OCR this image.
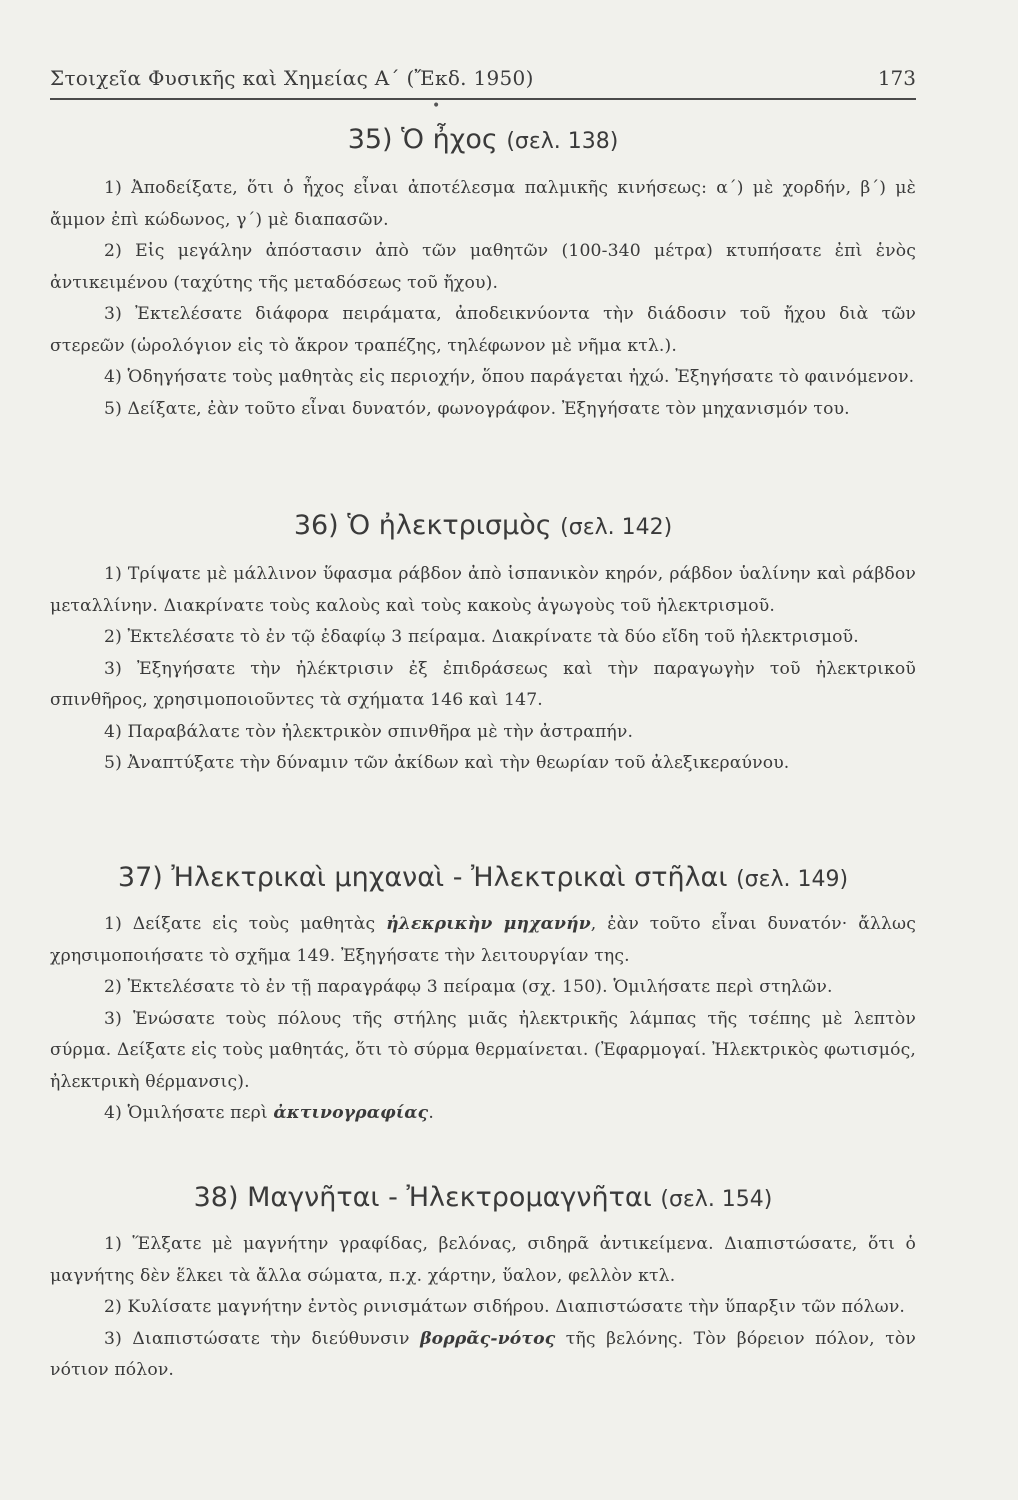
Στοιχεῖα Φυσικῆς καὶ Χημείας Α΄ (Ἔκδ. 1950)	173
•
35) Ὁ ἦχος (σελ. 138)

1) Ἀποδείξατε, ὅτι ὁ ἦχος εἶναι ἀποτέλεσμα παλμικῆς κινήσεως: α΄) μὲ χορδήν, β΄) μὲ ἄμμον ἐπὶ κώδωνος, γ΄) μὲ διαπασῶν.

2) Εἰς μεγάλην ἀπόστασιν ἀπὸ τῶν μαθητῶν (100-340 μέτρα) κτυπήσατε ἐπὶ ἑνὸς ἀντικειμένου (ταχύτης τῆς μεταδόσεως τοῦ ἤχου).

3) Ἐκτελέσατε διάφορα πειράματα, ἀποδεικνύοντα τὴν διάδοσιν τοῦ ἤχου διὰ τῶν στερεῶν (ὡρολόγιον εἰς τὸ ἄκρον τραπέζης, τηλέφωνον μὲ νῆμα κτλ.).

4) Ὁδηγήσατε τοὺς μαθητὰς εἰς περιοχήν, ὅπου παράγεται ἠχώ. Ἐξηγήσατε τὸ φαινόμενον.

5) Δείξατε, ἐὰν τοῦτο εἶναι δυνατόν, φωνογράφον. Ἐξηγήσατε τὸν μηχανισμόν του.

36) Ὁ ἠλεκτρισμὸς (σελ. 142)

1) Τρίψατε μὲ μάλλινον ὕφασμα ράβδον ἀπὸ ἱσπανικὸν κηρόν, ράβδον ὑαλίνην καὶ ράβδον μεταλλίνην. Διακρίνατε τοὺς καλοὺς καὶ τοὺς κακοὺς ἀγωγοὺς τοῦ ἠλεκτρισμοῦ.

2) Ἐκτελέσατε τὸ ἐν τῷ ἐδαφίῳ 3 πείραμα. Διακρίνατε τὰ δύο εἴδη τοῦ ἠλεκτρισμοῦ.

3) Ἐξηγήσατε τὴν ἠλέκτρισιν ἐξ ἐπιδράσεως καὶ τὴν παραγωγὴν τοῦ ἠλεκτρικοῦ σπινθῆρος, χρησιμοποιοῦντες τὰ σχήματα 146 καὶ 147.

4) Παραβάλατε τὸν ἠλεκτρικὸν σπινθῆρα μὲ τὴν ἀστραπήν.

5) Ἀναπτύξατε τὴν δύναμιν τῶν ἀκίδων καὶ τὴν θεωρίαν τοῦ ἀλεξικεραύνου.

37) Ἠλεκτρικαὶ μηχαναὶ - Ἠλεκτρικαὶ στῆλαι (σελ. 149)

1) Δείξατε εἰς τοὺς μαθητὰς ἠλεκρικὴν μηχανήν, ἐὰν τοῦτο εἶναι δυνατόν· ἄλλως χρησιμοποιήσατε τὸ σχῆμα 149. Ἐξηγήσατε τὴν λειτουργίαν της.

2) Ἐκτελέσατε τὸ ἐν τῇ παραγράφῳ 3 πείραμα (σχ. 150). Ὁμιλήσατε περὶ στηλῶν.

3) Ἑνώσατε τοὺς πόλους τῆς στήλης μιᾶς ἠλεκτρικῆς λάμπας τῆς τσέπης μὲ λεπτὸν σύρμα. Δείξατε εἰς τοὺς μαθητάς, ὅτι τὸ σύρμα θερμαίνεται. (Ἐφαρμογαί. Ἠλεκτρικὸς φωτισμός, ἠλεκτρικὴ θέρμανσις).

4) Ὁμιλήσατε περὶ ἀκτινογραφίας.

38) Μαγνῆται - Ἠλεκτρομαγνῆται (σελ. 154)

1) Ἕλξατε μὲ μαγνήτην γραφίδας, βελόνας, σιδηρᾶ ἀντικείμενα. Διαπιστώσατε, ὅτι ὁ μαγνήτης δὲν ἕλκει τὰ ἄλλα σώματα, π.χ. χάρτην, ὕαλον, φελλὸν κτλ.

2) Κυλίσατε μαγνήτην ἐντὸς ρινισμάτων σιδήρου. Διαπιστώσατε τὴν ὕπαρξιν τῶν πόλων.

3) Διαπιστώσατε τὴν διεύθυνσιν βορρᾶς-νότος τῆς βελόνης. Τὸν βόρειον πόλον, τὸν νότιον πόλον.
